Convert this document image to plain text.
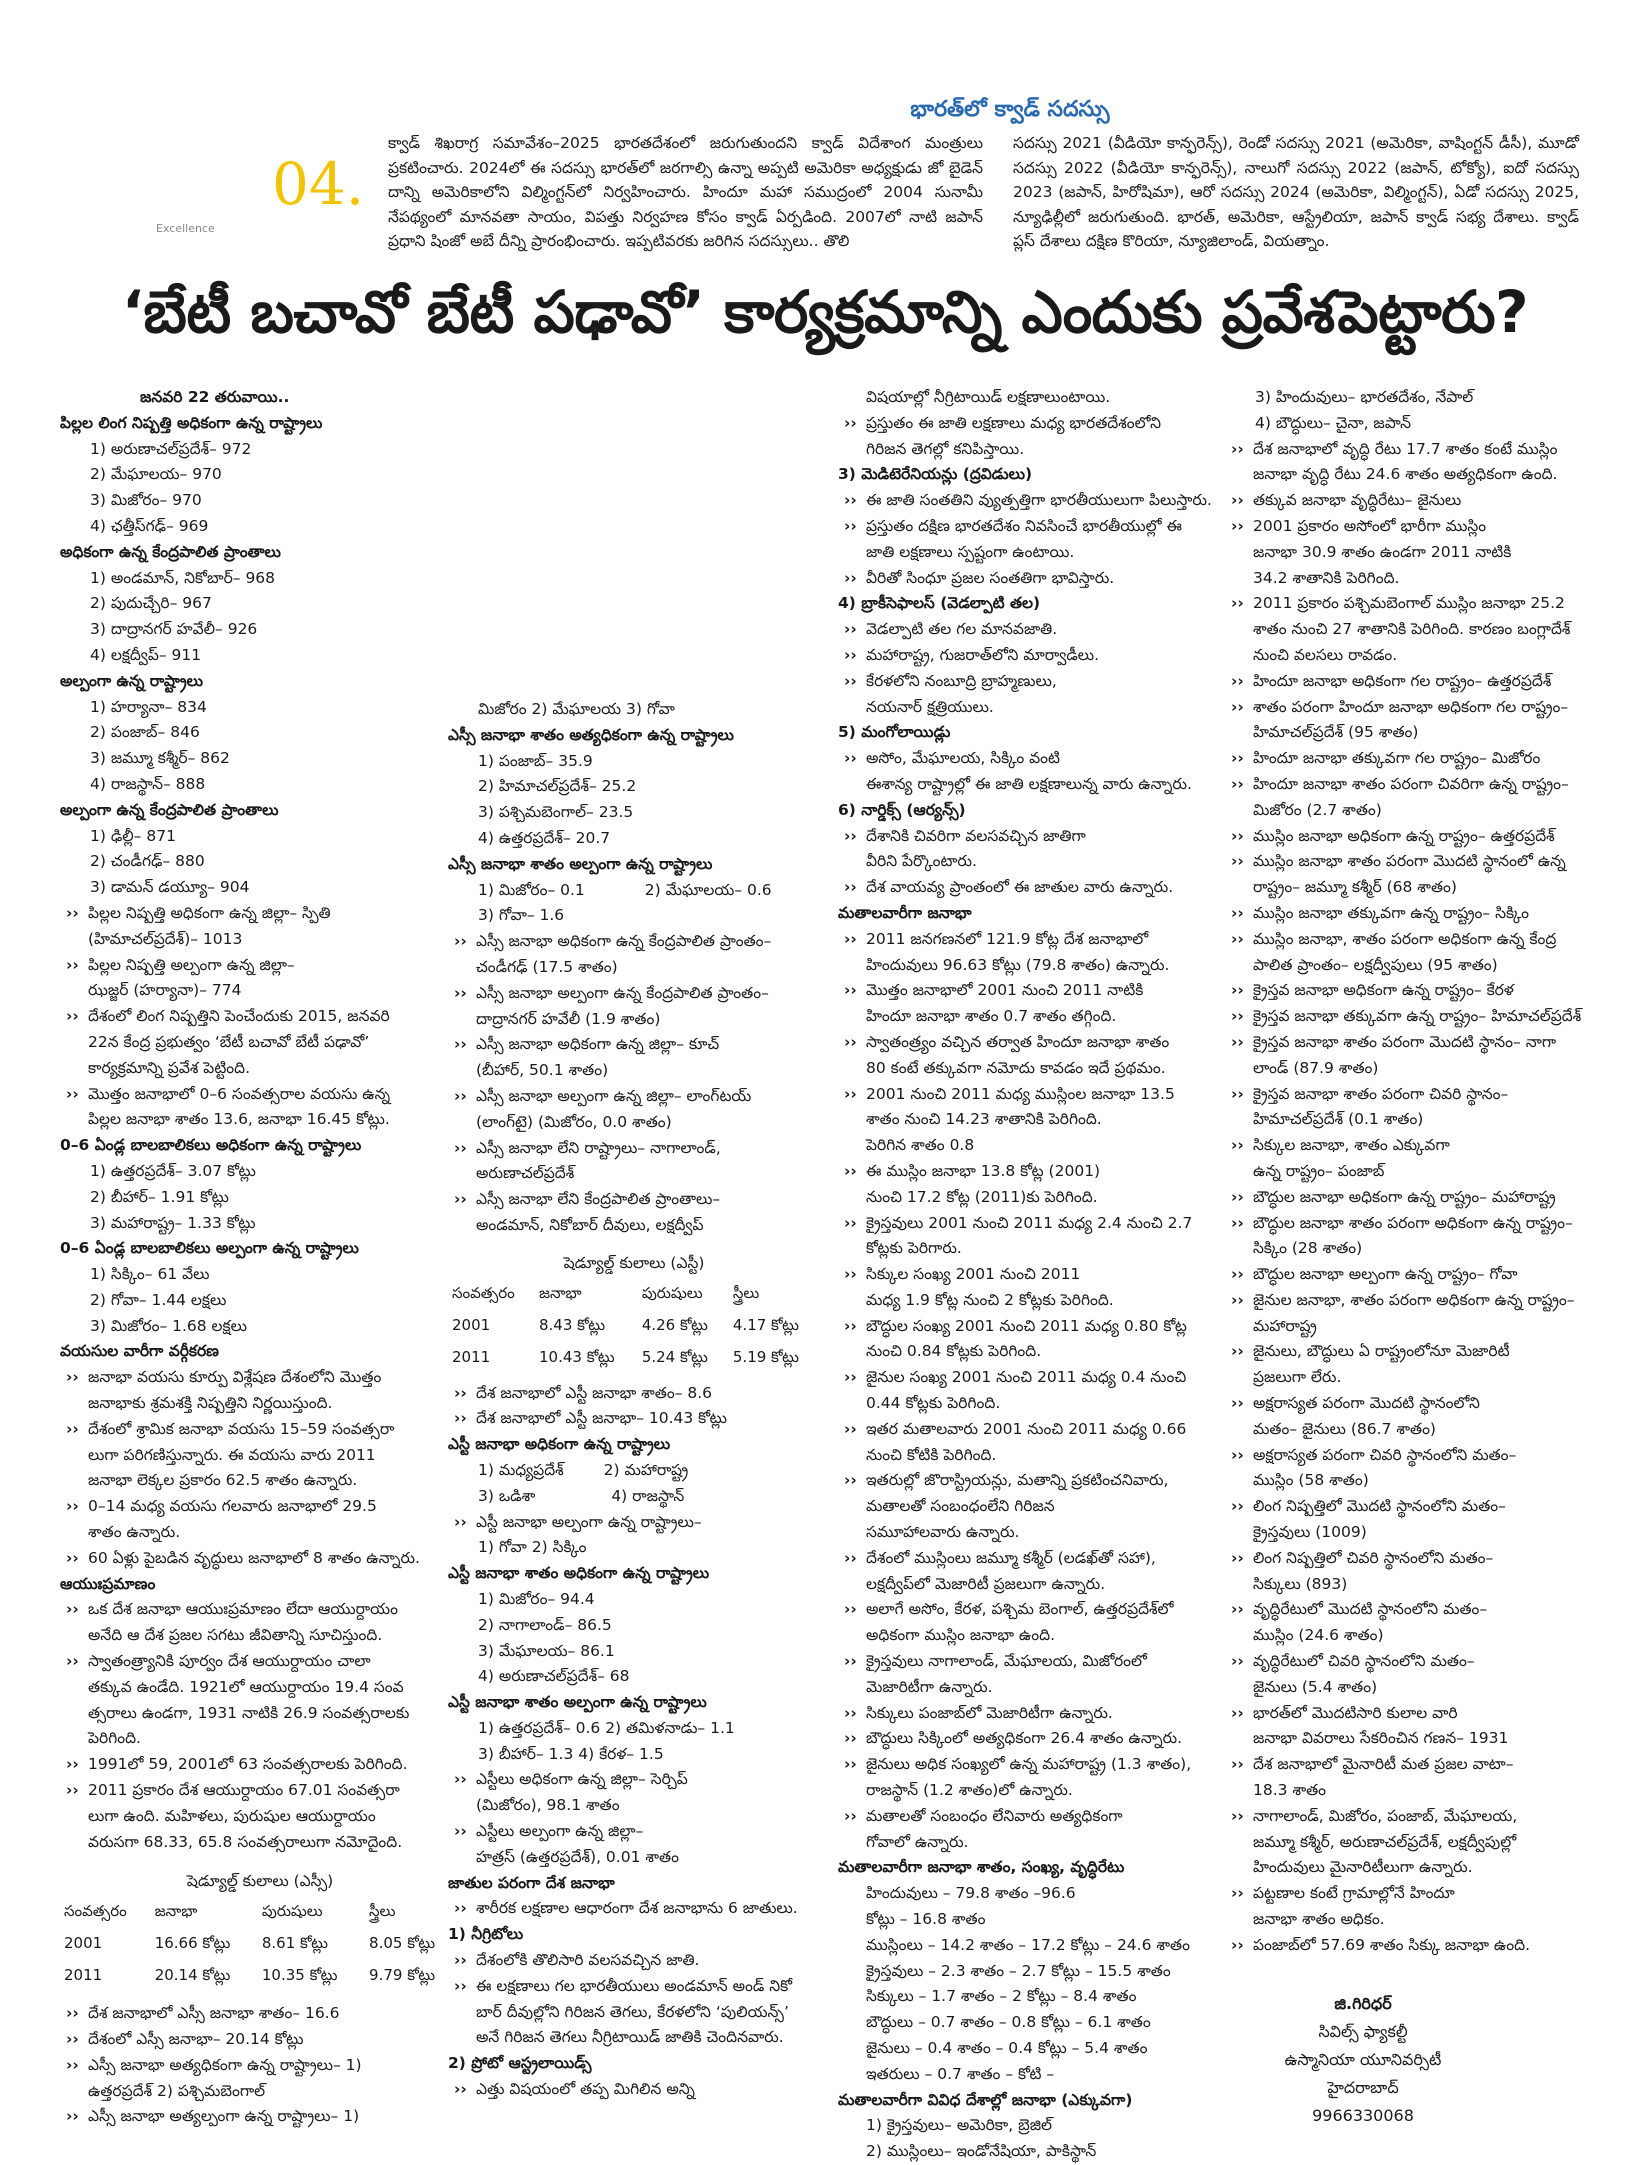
భారత్‌లో క్వాడ్ సదస్సు
04.
Excellence
క్వాడ్ శిఖరాగ్ర సమావేశం–2025 భారతదేశంలో జరుగుతుందని క్వాడ్ విదేశాంగ మంత్రులు ప్రకటించారు. 2024లో ఈ సదస్సు భారత్‌లో జరగాల్సి ఉన్నా అప్పటి అమెరికా అధ్యక్షుడు జో బైడెన్ దాన్ని అమెరికాలోని విల్మింగ్టన్‌లో నిర్వహించారు. హిందూ మహా సముద్రంలో 2004 సునామీ నేపథ్యంలో మానవతా సాయం, విపత్తు నిర్వహణ కోసం క్వాడ్ ఏర్పడింది. 2007లో నాటి జపాన్ ప్రధాని షింజో అబే దీన్ని ప్రారంభించారు. ఇప్పటివరకు జరిగిన సదస్సులు.. తొలి
సదస్సు 2021 (వీడియో కాన్ఫరెన్స్), రెండో సదస్సు 2021 (అమెరికా, వాషింగ్టన్ డీసీ), మూడో సదస్సు 2022 (వీడియో కాన్ఫరెన్స్), నాలుగో సదస్సు 2022 (జపాన్, టోక్యో), ఐదో సదస్సు 2023 (జపాన్, హిరోషిమా), ఆరో సదస్సు 2024 (అమెరికా, విల్మింగ్టన్), ఏడో సదస్సు 2025, న్యూఢిల్లీలో జరుగుతుంది. భారత్, అమెరికా, ఆస్ట్రేలియా, జపాన్ క్వాడ్ సభ్య దేశాలు. క్వాడ్ ప్లస్ దేశాలు దక్షిణ కొరియా, న్యూజిలాండ్, వియత్నాం.
‘బేటీ బచావో బేటీ పఢావో’ కార్యక్రమాన్ని ఎందుకు ప్రవేశపెట్టారు?

జనవరి 22 తరువాయి..

పిల్లల లింగ నిష్పత్తి అధికంగా ఉన్న రాష్ట్రాలు

1) అరుణాచల్‌ప్రదేశ్– 972

2) మేఘాలయ– 970

3) మిజోరం– 970

4) ఛత్తీస్‌గఢ్– 969

అధికంగా ఉన్న కేంద్రపాలిత ప్రాంతాలు

1) అండమాన్, నికోబార్– 968

2) పుదుచ్చేరి– 967

3) దాద్రానగర్ హవేలీ– 926

4) లక్షద్వీప్– 911

అల్పంగా ఉన్న రాష్ట్రాలు

1) హర్యానా– 834

2) పంజాబ్– 846

3) జమ్మూ కశ్మీర్– 862

4) రాజస్థాన్– 888

అల్పంగా ఉన్న కేంద్రపాలిత ప్రాంతాలు

1) ఢిల్లీ– 871

2) చండీగఢ్– 880

3) డామన్ డయ్యూ– 904

›› పిల్లల నిష్పత్తి అధికంగా ఉన్న జిల్లా– స్పితి

(హిమాచల్‌ప్రదేశ్)– 1013

›› పిల్లల నిష్పత్తి అల్పంగా ఉన్న జిల్లా–

ఝజ్జర్ (హర్యానా)– 774

›› దేశంలో లింగ నిష్పత్తిని పెంచేందుకు 2015, జనవరి

22న కేంద్ర ప్రభుత్వం ‘బేటీ బచావో బేటీ పఢావో’

కార్యక్రమాన్ని ప్రవేశ పెట్టింది.

›› మొత్తం జనాభాలో 0–6 సంవత్సరాల వయసు ఉన్న

పిల్లల జనాభా శాతం 13.6, జనాభా 16.45 కోట్లు.

0–6 ఏండ్ల బాలబాలికలు అధికంగా ఉన్న రాష్ట్రాలు

1) ఉత్తరప్రదేశ్– 3.07 కోట్లు

2) బీహార్– 1.91 కోట్లు

3) మహారాష్ట్ర– 1.33 కోట్లు

0–6 ఏండ్ల బాలబాలికలు అల్పంగా ఉన్న రాష్ట్రాలు

1) సిక్కిం– 61 వేలు

2) గోవా– 1.44 లక్షలు

3) మిజోరం– 1.68 లక్షలు

వయసుల వారీగా వర్గీకరణ

›› జనాభా వయసు కూర్పు విశ్లేషణ దేశంలోని మొత్తం

జనాభాకు శ్రమశక్తి నిష్పత్తిని నిర్ణయిస్తుంది.

›› దేశంలో శ్రామిక జనాభా వయసు 15–59 సంవత్సరా

లుగా పరిగణిస్తున్నారు. ఈ వయసు వారు 2011

జనాభా లెక్కల ప్రకారం 62.5 శాతం ఉన్నారు.

›› 0–14 మధ్య వయసు గలవారు జనాభాలో 29.5

శాతం ఉన్నారు.

›› 60 ఏళ్లు పైబడిన వృద్ధులు జనాభాలో 8 శాతం ఉన్నారు.

ఆయుఃప్రమాణం

›› ఒక దేశ జనాభా ఆయుఃప్రమాణం లేదా ఆయుర్దాయం

అనేది ఆ దేశ ప్రజల సగటు జీవితాన్ని సూచిస్తుంది.

›› స్వాతంత్ర్యానికి పూర్వం దేశ ఆయుర్దాయం చాలా

తక్కువ ఉండేది. 1921లో ఆయుర్దాయం 19.4 సంవ

త్సరాలు ఉండగా, 1931 నాటికి 26.9 సంవత్సరాలకు

పెరిగింది.

›› 1991లో 59, 2001లో 63 సంవత్సరాలకు పెరిగింది.

›› 2011 ప్రకారం దేశ ఆయుర్దాయం 67.01 సంవత్సరా

లుగా ఉంది. మహిళలు, పురుషుల ఆయుర్దాయం

వరుసగా 68.33, 65.8 సంవత్సరాలుగా నమోదైంది.

షెడ్యూల్డ్ కులాలు (ఎస్సీ)

సంవత్సరం	జనాభా	పురుషులు	స్త్రీలు
2001	16.66 కోట్లు	8.61 కోట్లు	8.05 కోట్లు
2011	20.14 కోట్లు	10.35 కోట్లు	9.79 కోట్లు

›› దేశ జనాభాలో ఎస్సీ జనాభా శాతం– 16.6

›› దేశంలో ఎస్సీ జనాభా– 20.14 కోట్లు

›› ఎస్సీ జనాభా అత్యధికంగా ఉన్న రాష్ట్రాలు– 1)

ఉత్తరప్రదేశ్ 2) పశ్చిమబెంగాల్

›› ఎస్సీ జనాభా అత్యల్పంగా ఉన్న రాష్ట్రాలు– 1)

మిజోరం 2) మేఘాలయ 3) గోవా

ఎస్సీ జనాభా శాతం అత్యధికంగా ఉన్న రాష్ట్రాలు

1) పంజాబ్– 35.9

2) హిమాచల్‌ప్రదేశ్– 25.2

3) పశ్చిమబెంగాల్– 23.5

4) ఉత్తరప్రదేశ్– 20.7

ఎస్సీ జనాభా శాతం అల్పంగా ఉన్న రాష్ట్రాలు

1) మిజోరం– 0.1	2) మేఘాలయ– 0.6

3) గోవా– 1.6

›› ఎస్సీ జనాభా అధికంగా ఉన్న కేంద్రపాలిత ప్రాంతం–

చండీగఢ్ (17.5 శాతం)

›› ఎస్సీ జనాభా అల్పంగా ఉన్న కేంద్రపాలిత ప్రాంతం–

దాద్రానగర్ హవేలీ (1.9 శాతం)

›› ఎస్సీ జనాభా అధికంగా ఉన్న జిల్లా– కూచ్

(బీహార్, 50.1 శాతం)

›› ఎస్సీ జనాభా అల్పంగా ఉన్న జిల్లా– లాంగ్‌టయ్

(లాంగ్‌టై) (మిజోరం, 0.0 శాతం)

›› ఎస్సీ జనాభా లేని రాష్ట్రాలు– నాగాలాండ్,

అరుణాచల్‌ప్రదేశ్

›› ఎస్సీ జనాభా లేని కేంద్రపాలిత ప్రాంతాలు–

అండమాన్, నికోబార్ దీవులు, లక్షద్వీప్

షెడ్యూల్డ్ కులాలు (ఎస్టీ)

సంవత్సరం	జనాభా	పురుషులు	స్త్రీలు
2001	8.43 కోట్లు	4.26 కోట్లు	4.17 కోట్లు
2011	10.43 కోట్లు	5.24 కోట్లు	5.19 కోట్లు

›› దేశ జనాభాలో ఎస్టీ జనాభా శాతం– 8.6

›› దేశ జనాభాలో ఎస్టీ జనాభా– 10.43 కోట్లు

ఎస్టీ జనాభా అధికంగా ఉన్న రాష్ట్రాలు

1) మధ్యప్రదేశ్	2) మహారాష్ట్ర

3) ఒడిశా	4) రాజస్థాన్

›› ఎస్టీ జనాభా అల్పంగా ఉన్న రాష్ట్రాలు–

1) గోవా 2) సిక్కిం

ఎస్టీ జనాభా శాతం అధికంగా ఉన్న రాష్ట్రాలు

1) మిజోరం– 94.4

2) నాగాలాండ్– 86.5

3) మేఘాలయ– 86.1

4) అరుణాచల్‌ప్రదేశ్– 68

ఎస్టీ జనాభా శాతం అల్పంగా ఉన్న రాష్ట్రాలు

1) ఉత్తరప్రదేశ్– 0.6 2) తమిళనాడు– 1.1

3) బీహార్– 1.3 4) కేరళ– 1.5

›› ఎస్టీలు అధికంగా ఉన్న జిల్లా– సెర్చిప్

(మిజోరం), 98.1 శాతం

›› ఎస్టీలు అల్పంగా ఉన్న జిల్లా–

హత్రస్ (ఉత్తరప్రదేశ్), 0.01 శాతం

జాతుల పరంగా దేశ జనాభా

›› శారీరక లక్షణాల ఆధారంగా దేశ జనాభాను 6 జాతులు.

1) నీగ్రిటోలు

›› దేశంలోకి తొలిసారి వలసవచ్చిన జాతి.

›› ఈ లక్షణాలు గల భారతీయులు అండమాన్ అండ్ నికో

బార్ దీవుల్లోని గిరిజన తెగలు, కేరళలోని ‘పులియన్స్’

అనే గిరిజన తెగలు నీగ్రిటాయిడ్ జాతికి చెందినవారు.

2) ప్రోటో ఆస్ట్రలాయిడ్స్

›› ఎత్తు విషయంలో తప్ప మిగిలిన అన్ని

విషయాల్లో నీగ్రిటాయిడ్ లక్షణాలుంటాయి.

›› ప్రస్తుతం ఈ జాతి లక్షణాలు మధ్య భారతదేశంలోని

గిరిజన తెగల్లో కనిపిస్తాయి.

3) మెడిటెరేనియన్లు (ద్రవిడులు)

›› ఈ జాతి సంతతిని వ్యుత్పత్తిగా భారతీయులుగా పిలుస్తారు.

›› ప్రస్తుతం దక్షిణ భారతదేశం నివసించే భారతీయుల్లో ఈ

జాతి లక్షణాలు స్పష్టంగా ఉంటాయి.

›› వీరితో సింధూ ప్రజల సంతతిగా భావిస్తారు.

4) బ్రాకీసెఫాలస్ (వెడల్పాటి తల)

›› వెడల్పాటి తల గల మానవజాతి.

›› మహారాష్ట్ర, గుజరాత్‌లోని మార్వాడీలు.

›› కేరళలోని నంబూద్రి బ్రాహ్మణులు,

నయనార్ క్షత్రియులు.

5) మంగోలాయిడ్లు

›› అసోం, మేఘాలయ, సిక్కిం వంటి

ఈశాన్య రాష్ట్రాల్లో ఈ జాతి లక్షణాలున్న వారు ఉన్నారు.

6) నార్డిక్స్ (ఆర్యన్స్)

›› దేశానికి చివరిగా వలసవచ్చిన జాతిగా

వీరిని పేర్కొంటారు.

›› దేశ వాయవ్య ప్రాంతంలో ఈ జాతుల వారు ఉన్నారు.

మతాలవారీగా జనాభా

›› 2011 జనగణనలో 121.9 కోట్ల దేశ జనాభాలో

హిందువులు 96.63 కోట్లు (79.8 శాతం) ఉన్నారు.

›› మొత్తం జనాభాలో 2001 నుంచి 2011 నాటికి

హిందూ జనాభా శాతం 0.7 శాతం తగ్గింది.

›› స్వాతంత్ర్యం వచ్చిన తర్వాత హిందూ జనాభా శాతం

80 కంటే తక్కువగా నమోదు కావడం ఇదే ప్రథమం.

›› 2001 నుంచి 2011 మధ్య ముస్లింల జనాభా 13.5

శాతం నుంచి 14.23 శాతానికి పెరిగింది.

పెరిగిన శాతం 0.8

›› ఈ ముస్లిం జనాభా 13.8 కోట్ల (2001)

నుంచి 17.2 కోట్ల (2011)కు పెరిగింది.

›› క్రైస్తవులు 2001 నుంచి 2011 మధ్య 2.4 నుంచి 2.7

కోట్లకు పెరిగారు.

›› సిక్కుల సంఖ్య 2001 నుంచి 2011

మధ్య 1.9 కోట్ల నుంచి 2 కోట్లకు పెరిగింది.

›› బౌద్ధుల సంఖ్య 2001 నుంచి 2011 మధ్య 0.80 కోట్ల

నుంచి 0.84 కోట్లకు పెరిగింది.

›› జైనుల సంఖ్య 2001 నుంచి 2011 మధ్య 0.4 నుంచి

0.44 కోట్లకు పెరిగింది.

›› ఇతర మతాలవారు 2001 నుంచి 2011 మధ్య 0.66

నుంచి కోటికి పెరిగింది.

›› ఇతరుల్లో జొరాస్ట్రియన్లు, మతాన్ని ప్రకటించనివారు,

మతాలతో సంబంధంలేని గిరిజన

సమూహాలవారు ఉన్నారు.

›› దేశంలో ముస్లింలు జమ్మూ కశ్మీర్ (లడఖ్‌తో సహా),

లక్షద్వీప్‌లో మెజారిటీ ప్రజలుగా ఉన్నారు.

›› అలాగే అసోం, కేరళ, పశ్చిమ బెంగాల్, ఉత్తరప్రదేశ్‌లో

అధికంగా ముస్లిం జనాభా ఉంది.

›› క్రైస్తవులు నాగాలాండ్, మేఘాలయ, మిజోరంలో

మెజారిటీగా ఉన్నారు.

›› సిక్కులు పంజాబ్‌లో మెజారిటీగా ఉన్నారు.

›› బౌద్ధులు సిక్కింలో అత్యధికంగా 26.4 శాతం ఉన్నారు.

›› జైనులు అధిక సంఖ్యలో ఉన్న మహారాష్ట్ర (1.3 శాతం),

రాజస్థాన్ (1.2 శాతం)లో ఉన్నారు.

›› మతాలతో సంబంధం లేనివారు అత్యధికంగా

గోవాలో ఉన్నారు.

మతాలవారీగా జనాభా శాతం, సంఖ్య, వృద్ధిరేటు

హిందువులు – 79.8 శాతం –96.6

కోట్లు – 16.8 శాతం

ముస్లింలు – 14.2 శాతం – 17.2 కోట్లు – 24.6 శాతం

క్రైస్తవులు – 2.3 శాతం – 2.7 కోట్లు – 15.5 శాతం

సిక్కులు – 1.7 శాతం – 2 కోట్లు – 8.4 శాతం

బౌద్ధులు – 0.7 శాతం – 0.8 కోట్లు – 6.1 శాతం

జైనులు – 0.4 శాతం – 0.4 కోట్లు – 5.4 శాతం

ఇతరులు – 0.7 శాతం – కోటి –

మతాలవారీగా వివిధ దేశాల్లో జనాభా (ఎక్కువగా)

1) క్రైస్తవులు– అమెరికా, బ్రెజిల్

2) ముస్లింలు– ఇండోనేషియా, పాకిస్థాన్

3) హిందువులు– భారతదేశం, నేపాల్

4) బౌద్ధులు– చైనా, జపాన్

›› దేశ జనాభాలో వృద్ధి రేటు 17.7 శాతం కంటే ముస్లిం

జనాభా వృద్ధి రేటు 24.6 శాతం అత్యధికంగా ఉంది.

›› తక్కువ జనాభా వృద్ధిరేటు– జైనులు

›› 2001 ప్రకారం అసోంలో భారీగా ముస్లిం

జనాభా 30.9 శాతం ఉండగా 2011 నాటికి

34.2 శాతానికి పెరిగింది.

›› 2011 ప్రకారం పశ్చిమబెంగాల్ ముస్లిం జనాభా 25.2

శాతం నుంచి 27 శాతానికి పెరిగింది. కారణం బంగ్లాదేశ్

నుంచి వలసలు రావడం.

›› హిందూ జనాభా అధికంగా గల రాష్ట్రం– ఉత్తరప్రదేశ్

›› శాతం పరంగా హిందూ జనాభా అధికంగా గల రాష్ట్రం–

హిమాచల్‌ప్రదేశ్ (95 శాతం)

›› హిందూ జనాభా తక్కువగా గల రాష్ట్రం– మిజోరం

›› హిందూ జనాభా శాతం పరంగా చివరిగా ఉన్న రాష్ట్రం–

మిజోరం (2.7 శాతం)

›› ముస్లిం జనాభా అధికంగా ఉన్న రాష్ట్రం– ఉత్తరప్రదేశ్

›› ముస్లిం జనాభా శాతం పరంగా మొదటి స్థానంలో ఉన్న

రాష్ట్రం– జమ్మూ కశ్మీర్ (68 శాతం)

›› ముస్లిం జనాభా తక్కువగా ఉన్న రాష్ట్రం– సిక్కిం

›› ముస్లిం జనాభా, శాతం పరంగా అధికంగా ఉన్న కేంద్ర

పాలిత ప్రాంతం– లక్షద్వీపులు (95 శాతం)

›› క్రైస్తవ జనాభా అధికంగా ఉన్న రాష్ట్రం– కేరళ

›› క్రైస్తవ జనాభా తక్కువగా ఉన్న రాష్ట్రం– హిమాచల్‌ప్రదేశ్

›› క్రైస్తవ జనాభా శాతం పరంగా మొదటి స్థానం– నాగా

లాండ్ (87.9 శాతం)

›› క్రైస్తవ జనాభా శాతం పరంగా చివరి స్థానం–

హిమాచల్‌ప్రదేశ్ (0.1 శాతం)

›› సిక్కుల జనాభా, శాతం ఎక్కువగా

ఉన్న రాష్ట్రం– పంజాబ్

›› బౌద్ధుల జనాభా అధికంగా ఉన్న రాష్ట్రం– మహారాష్ట్ర

›› బౌద్ధుల జనాభా శాతం పరంగా అధికంగా ఉన్న రాష్ట్రం–

సిక్కిం (28 శాతం)

›› బౌద్ధుల జనాభా అల్పంగా ఉన్న రాష్ట్రం– గోవా

›› జైనుల జనాభా, శాతం పరంగా అధికంగా ఉన్న రాష్ట్రం–

మహారాష్ట్ర

›› జైనులు, బౌద్ధులు ఏ రాష్ట్రంలోనూ మెజారిటీ

ప్రజలుగా లేరు.

›› అక్షరాస్యత పరంగా మొదటి స్థానంలోని

మతం– జైనులు (86.7 శాతం)

›› అక్షరాస్యత పరంగా చివరి స్థానంలోని మతం–

ముస్లిం (58 శాతం)

›› లింగ నిష్పత్తిలో మొదటి స్థానంలోని మతం–

క్రైస్తవులు (1009)

›› లింగ నిష్పత్తిలో చివరి స్థానంలోని మతం–

సిక్కులు (893)

›› వృద్ధిరేటులో మొదటి స్థానంలోని మతం–

ముస్లిం (24.6 శాతం)

›› వృద్ధిరేటులో చివరి స్థానంలోని మతం–

జైనులు (5.4 శాతం)

›› భారత్‌లో మొదటిసారి కులాల వారి

జనాభా వివరాలు సేకరించిన గణన– 1931

›› దేశ జనాభాలో మైనారిటీ మత ప్రజల వాటా–

18.3 శాతం

›› నాగాలాండ్, మిజోరం, పంజాబ్, మేఘాలయ,

జమ్మూ కశ్మీర్, అరుణాచల్‌ప్రదేశ్, లక్షద్వీపుల్లో

హిందువులు మైనారిటీలుగా ఉన్నారు.

›› పట్టణాల కంటే గ్రామాల్లోనే హిందూ

జనాభా శాతం అధికం.

›› పంజాబ్‌లో 57.69 శాతం సిక్కు జనాభా ఉంది.

జి.గిరిధర్
సివిల్స్ ఫ్యాకల్టీ
ఉస్మానియా యూనివర్సిటీ
హైదరాబాద్
9966330068
